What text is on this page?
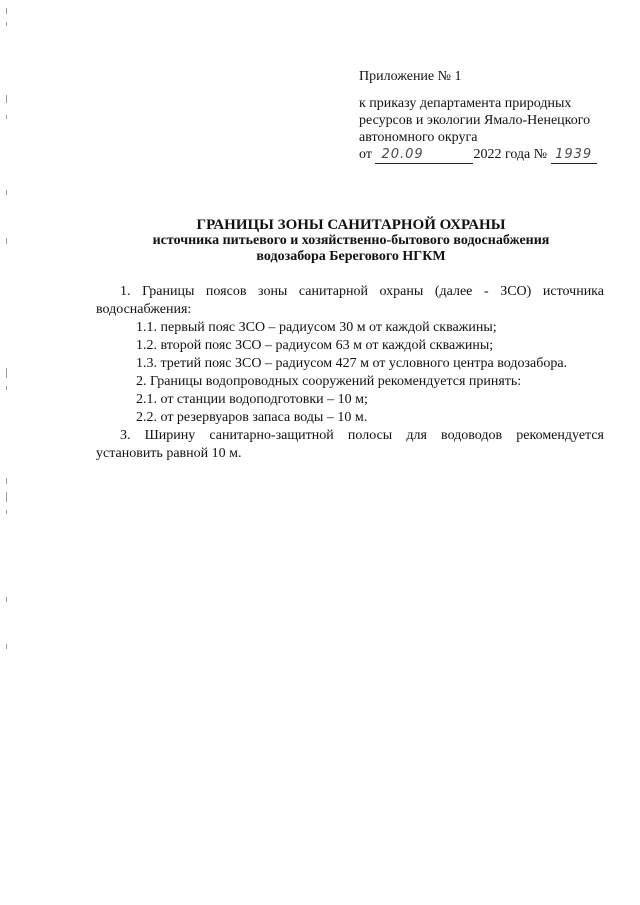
Приложение № 1
к приказу департамента природных
ресурсов и экологии Ямало-Ненецкого
автономного округа
от 20.09	2022 года № 1939
ГРАНИЦЫ ЗОНЫ САНИТАРНОЙ ОХРАНЫ
источника питьевого и хозяйственно-бытового водоснабжения
водозабора Берегового НГКМ

1. Границы поясов зоны санитарной охраны (далее - ЗСО) источника водоснабжения:

1.1. первый пояс ЗСО – радиусом 30 м от каждой скважины;

1.2. второй пояс ЗСО – радиусом 63 м от каждой скважины;

1.3. третий пояс ЗСО – радиусом 427 м от условного центра водозабора.

2. Границы водопроводных сооружений рекомендуется принять:

2.1. от станции водоподготовки – 10 м;

2.2. от резервуаров запаса воды – 10 м.

3. Ширину санитарно-защитной полосы для водоводов рекомендуется установить равной 10 м.
